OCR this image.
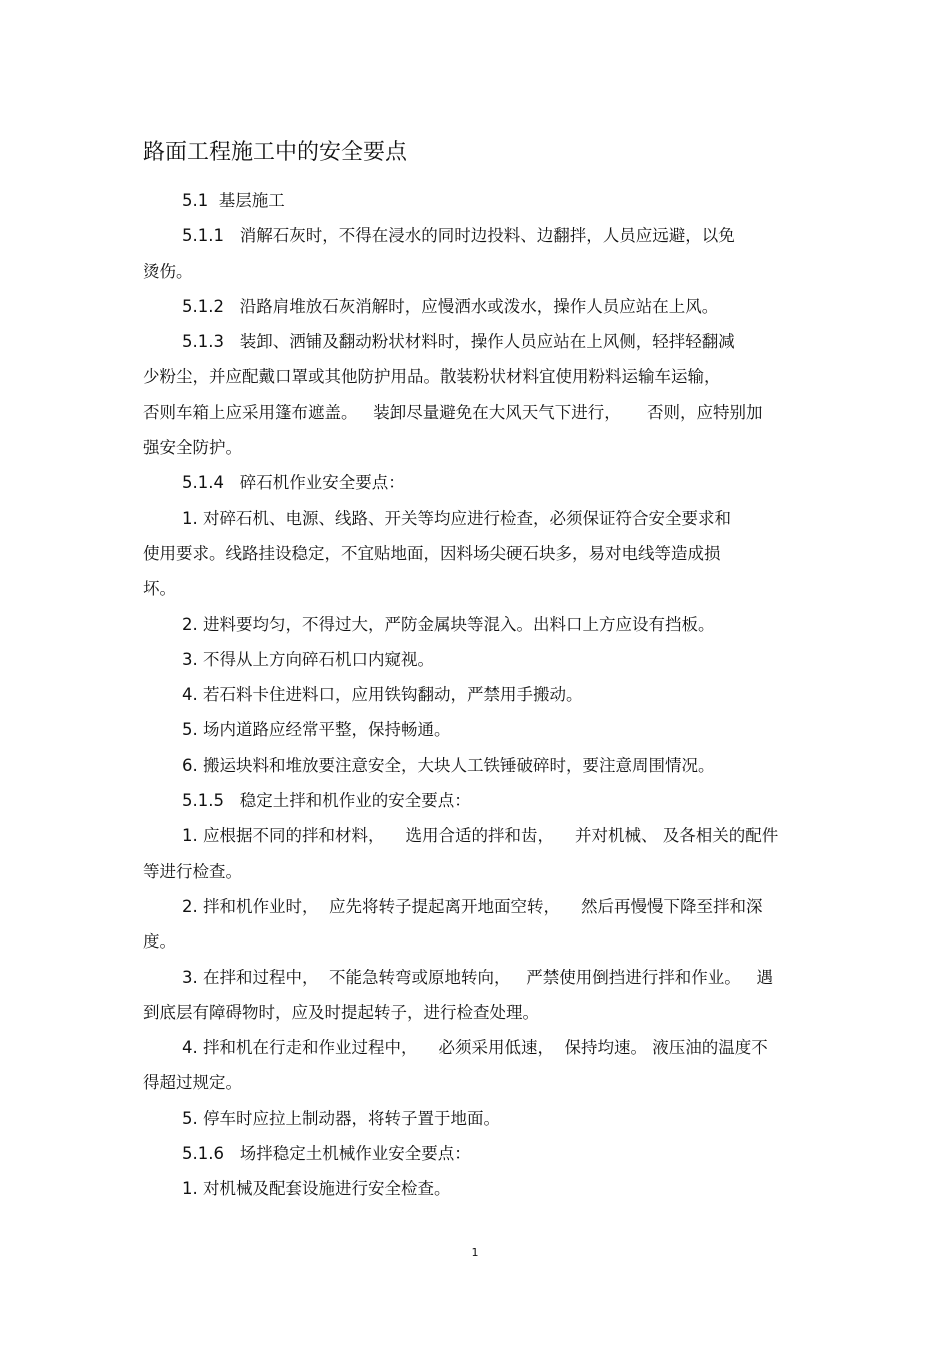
路面工程施工中的安全要点
5.1  基层施工
5.1.1   消解石灰时，不得在浸水的同时边投料、边翻拌，人员应远避，以免
烫伤。
5.1.2   沿路肩堆放石灰消解时，应慢洒水或泼水，操作人员应站在上风。
5.1.3   装卸、洒铺及翻动粉状材料时，操作人员应站在上风侧，轻拌轻翻减
少粉尘，并应配戴口罩或其他防护用品。散装粉状材料宜使用粉料运输车运输，
否则车箱上应采用篷布遮盖。   装卸尽量避免在大风天气下进行，     否则，应特别加
强安全防护。
5.1.4   碎石机作业安全要点：
1. 对碎石机、电源、线路、开关等均应进行检查，必须保证符合安全要求和
使用要求。线路挂设稳定，不宜贴地面，因料场尖硬石块多，易对电线等造成损
坏。
2. 进料要均匀，不得过大，严防金属块等混入。出料口上方应设有挡板。
3. 不得从上方向碎石机口内窥视。
4. 若石料卡住进料口，应用铁钩翻动，严禁用手搬动。
5. 场内道路应经常平整，保持畅通。
6. 搬运块料和堆放要注意安全，大块人工铁锤破碎时，要注意周围情况。
5.1.5   稳定土拌和机作业的安全要点：
1. 应根据不同的拌和材料，    选用合适的拌和齿，    并对机械、 及各相关的配件
等进行检查。
2. 拌和机作业时，  应先将转子提起离开地面空转，    然后再慢慢下降至拌和深
度。
3. 在拌和过程中，  不能急转弯或原地转向，   严禁使用倒挡进行拌和作业。   遇
到底层有障碍物时，应及时提起转子，进行检查处理。
4. 拌和机在行走和作业过程中，    必须采用低速，  保持均速。 液压油的温度不
得超过规定。
5. 停车时应拉上制动器，将转子置于地面。
5.1.6   场拌稳定土机械作业安全要点：
1. 对机械及配套设施进行安全检查。
1
